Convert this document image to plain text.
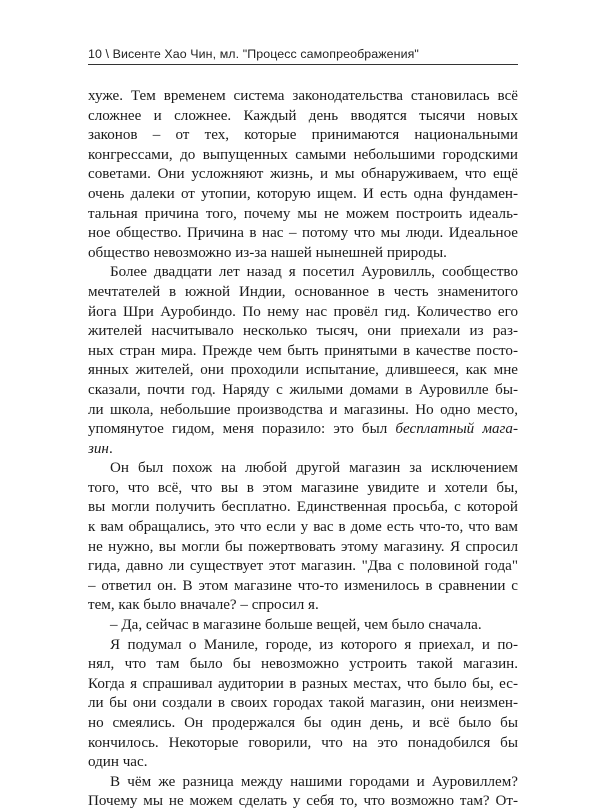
10 \ Висенте Хао Чин, мл. "Процесс самопреображения"
хуже. Тем временем система законодательства становилась всё
сложнее и сложнее. Каждый день вводятся тысячи новых
законов – от тех, которые принимаются национальными
конгрессами, до выпущенных самыми небольшими городскими
советами. Они усложняют жизнь, и мы обнаруживаем, что ещё
очень далеки от утопии, которую ищем. И есть одна фундамен-
тальная причина того, почему мы не можем построить идеаль-
ное общество. Причина в нас – потому что мы люди. Идеальное
общество невозможно из-за нашей нынешней природы.
Более двадцати лет назад я посетил Ауровилль, сообщество
мечтателей в южной Индии, основанное в честь знаменитого
йога Шри Ауробиндо. По нему нас провёл гид. Количество его
жителей насчитывало несколько тысяч, они приехали из раз-
ных стран мира. Прежде чем быть принятыми в качестве посто-
янных жителей, они проходили испытание, длившееся, как мне
сказали, почти год. Наряду с жилыми домами в Ауровилле бы-
ли школа, небольшие производства и магазины. Но одно место,
упомянутое гидом, меня поразило: это был бесплатный мага-
зин.
Он был похож на любой другой магазин за исключением
того, что всё, что вы в этом магазине увидите и хотели бы,
вы могли получить бесплатно. Единственная просьба, с которой
к вам обращались, это что если у вас в доме есть что-то, что вам
не нужно, вы могли бы пожертвовать этому магазину. Я спросил
гида, давно ли существует этот магазин. "Два с половиной года"
– ответил он. В этом магазине что-то изменилось в сравнении с
тем, как было вначале? – спросил я.
– Да, сейчас в магазине больше вещей, чем было сначала.
Я подумал о Маниле, городе, из которого я приехал, и по-
нял, что там было бы невозможно устроить такой магазин.
Когда я спрашивал аудитории в разных местах, что было бы, ес-
ли бы они создали в своих городах такой магазин, они неизмен-
но смеялись. Он продержался бы один день, и всё было бы
кончилось. Некоторые говорили, что на это понадобился бы
один час.
В чём же разница между нашими городами и Ауровиллем?
Почему мы не можем сделать у себя то, что возможно там? От-
